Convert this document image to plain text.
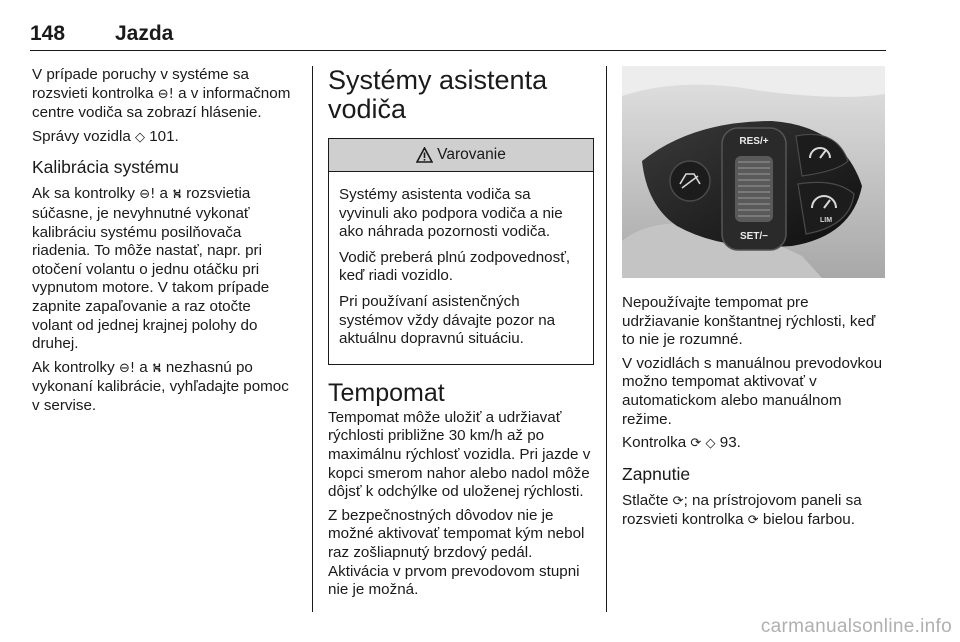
148 Jazda

V prípade poruchy v systéme sa rozsvieti kontrolka ⊖! a v informačnom centre vodiča sa zobrazí hlásenie.

Správy vozidla ◇ 101.

Kalibrácia systému

Ak sa kontrolky ⊖! a ⛕ rozsvietia súčasne, je nevyhnutné vykonať kalibráciu systému posilňovača riadenia. To môže nastať, napr. pri otočení volantu o jednu otáčku pri vypnutom motore. V takom prípade zapnite zapaľovanie a raz otočte volant od jednej krajnej polohy do druhej.

Ak kontrolky ⊖! a ⛕ nezhasnú po vykonaní kalibrácie, vyhľadajte pomoc v servise.

Systémy asistenta vodiča
Varovanie

Systémy asistenta vodiča sa vyvinuli ako podpora vodiča a nie ako náhrada pozornosti vodiča.

Vodič preberá plnú zodpovednosť, keď riadi vozidlo.

Pri používaní asistenčných systémov vždy dávajte pozor na aktuálnu dopravnú situáciu.

Tempomat

Tempomat môže uložiť a udržiavať rýchlosti približne 30 km/h až po maximálnu rýchlosť vozidla. Pri jazde v kopci smerom nahor alebo nadol môže dôjsť k odchýlke od uloženej rýchlosti.

Z bezpečnostných dôvodov nie je možné aktivovať tempomat kým nebol raz zošliapnutý brzdový pedál. Aktivácia v prvom prevodovom stupni nie je možná.

RES/+
SET/−
LIM

Nepoužívajte tempomat pre udržiavanie konštantnej rýchlosti, keď to nie je rozumné.

V vozidlách s manuálnou prevodovkou možno tempomat aktivovať v automatickom alebo manuálnom režime.

Kontrolka ⟳ ◇ 93.

Zapnutie

Stlačte ⟳; na prístrojovom paneli sa rozsvieti kontrolka ⟳ bielou farbou.

carmanualsonline.info
